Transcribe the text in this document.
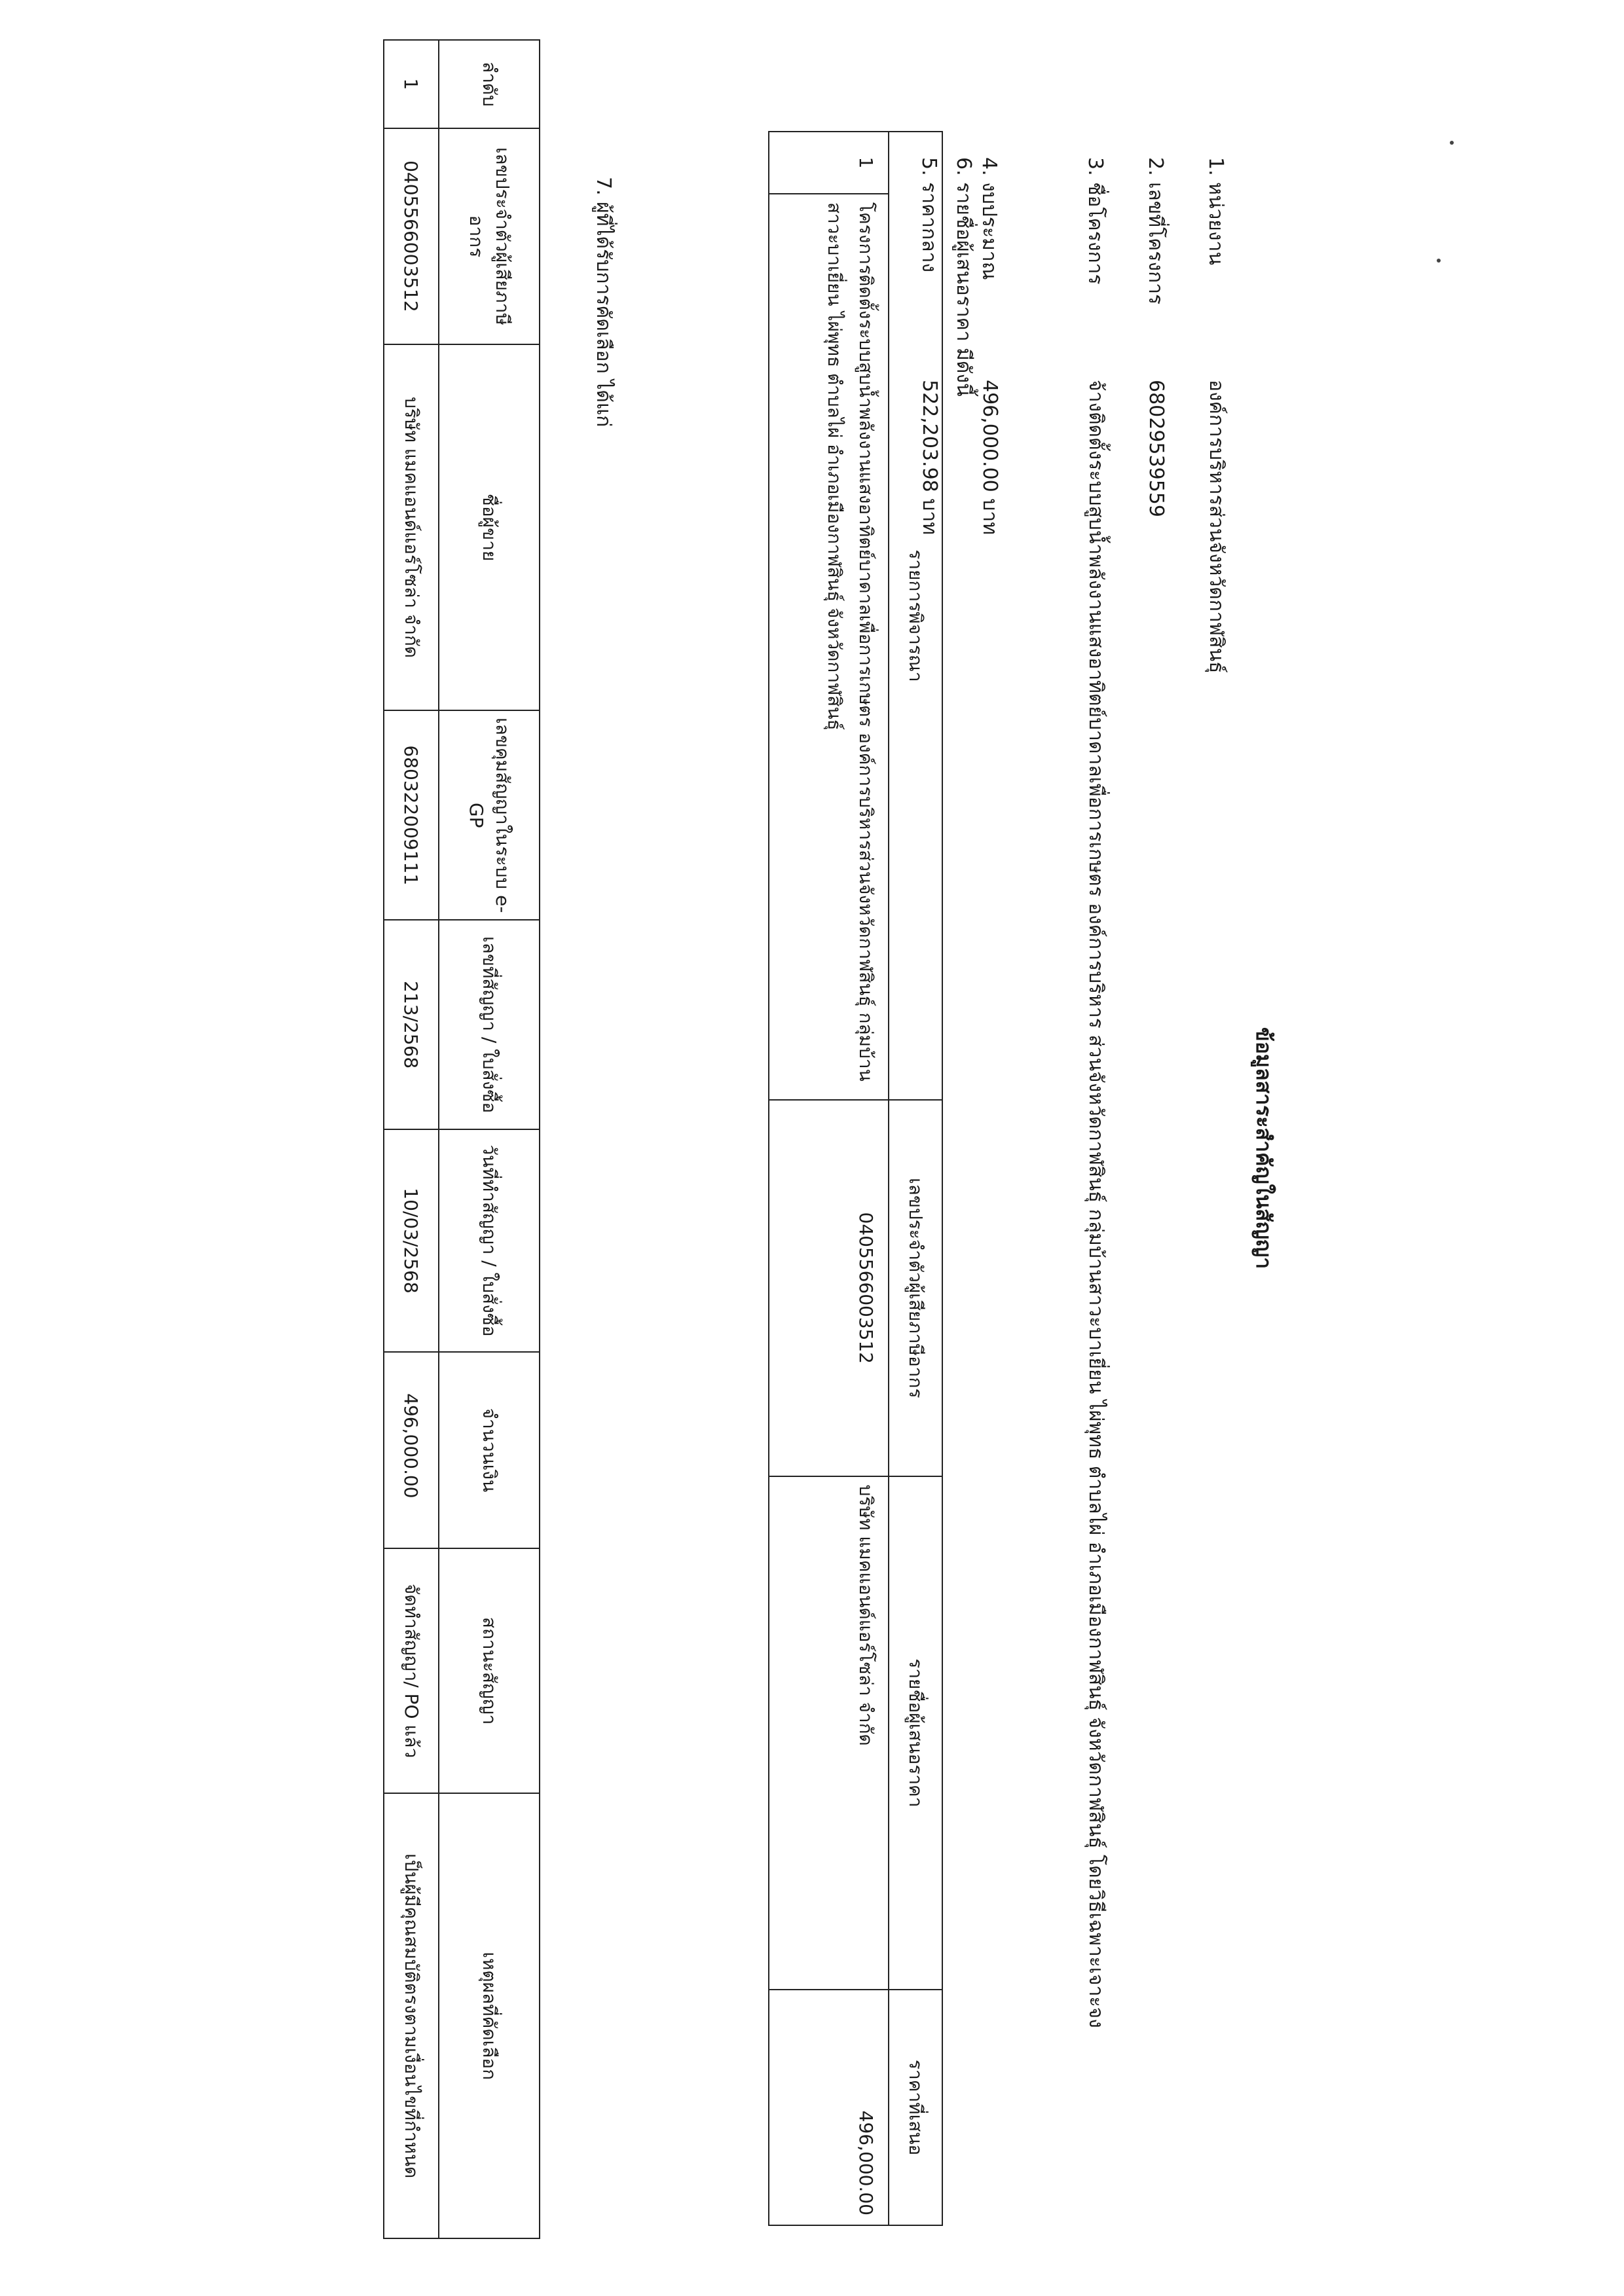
ข้อมูลสาระสำคัญในสัญญา
1. หน่วยงาน
องค์การบริหารส่วนจังหวัดกาฬสินธุ์
2. เลขที่โครงการ
68029539559
3. ชื่อโครงการ
จ้างติดตั้งระบบสูบน้ำพลังงานแสงอาทิตย์บาดาลเพื่อการเกษตร องค์การบริหาร ส่วนจังหวัดกาฬสินธุ์ กลุ่มบ้านสาวะบาเยี่ยน ไผ่พุทธ ตำบลไผ่ อำเภอเมืองกาฬสินธุ์ จังหวัดกาฬสินธุ์ โดยวิธีเฉพาะเจาะจง
4. งบประมาณ
496,000.00 บาท
5. ราคากลาง
522,203.98 บาท
6. รายชื่อผู้เสนอราคา มีดังนี้
รายการพิจารณา		เลขประจำตัวผู้เสียภาษีอากร	รายชื่อผู้เสนอราคา	ราคาที่เสนอ
1	โครงการติดตั้งระบบสูบน้ำพลังงานแสงอาทิตย์บาดาลเพื่อการเกษตร องค์การบริหารส่วนจังหวัดกาฬสินธุ์ กลุ่มบ้านสาวะบาเยี่ยน ไผ่พุทธ ตำบลไผ่ อำเภอเมืองกาฬสินธุ์ จังหวัดกาฬสินธุ์	0405566003512	บริษัท แมคแอนด์แอร์โซล่า จำกัด	496,000.00
7. ผู้ที่ได้รับการคัดเลือก ได้แก่
ลำดับ	เลขประจำตัวผู้เสียภาษีอากร	ชื่อผู้ขาย	เลขคุมสัญญาในระบบ e-GP	เลขที่สัญญา / ใบสั่งซื้อ	วันที่ทำสัญญา / ใบสั่งซื้อ	จำนวนเงิน	สถานะสัญญา	เหตุผลที่คัดเลือก
1	0405566003512	บริษัท แมคแอนด์แอร์โซล่า จำกัด	680322009111	213/2568	10/03/2568	496,000.00	จัดทำสัญญา/ PO แล้ว	เป็นผู้มีคุณสมบัติตรงตามเงื่อนไขที่กำหนด
